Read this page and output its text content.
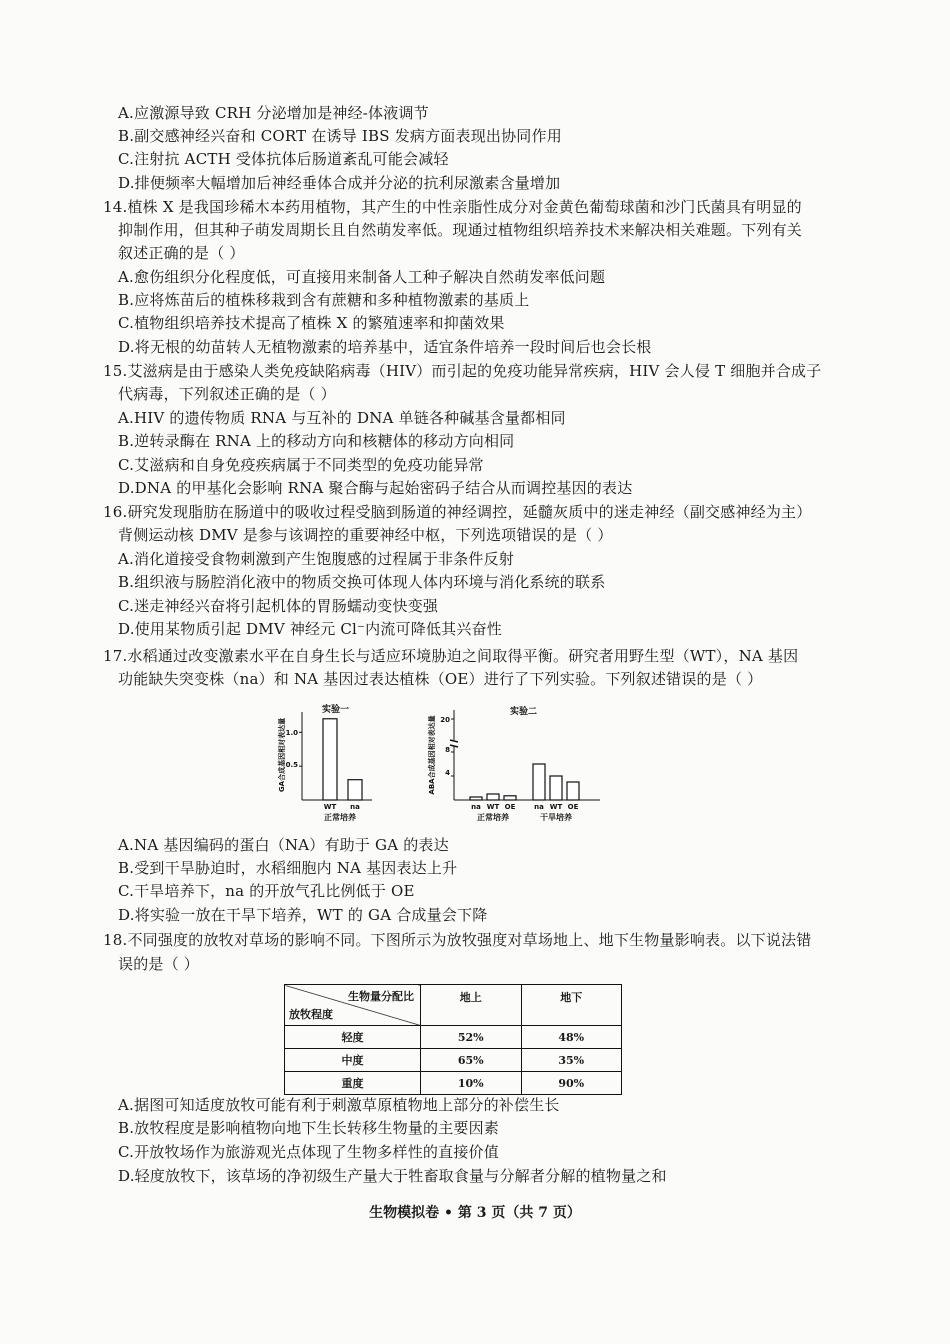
A.应激源导致 CRH 分泌增加是神经-体液调节
B.副交感神经兴奋和 CORT 在诱导 IBS 发病方面表现出协同作用
C.注射抗 ACTH 受体抗体后肠道紊乱可能会减轻
D.排便频率大幅增加后神经垂体合成并分泌的抗利尿激素含量增加
14.植株 X 是我国珍稀木本药用植物，其产生的中性亲脂性成分对金黄色葡萄球菌和沙门氏菌具有明显的
抑制作用，但其种子萌发周期长且自然萌发率低。现通过植物组织培养技术来解决相关难题。下列有关
叙述正确的是（ ）
A.愈伤组织分化程度低，可直接用来制备人工种子解决自然萌发率低问题
B.应将炼苗后的植株移栽到含有蔗糖和多种植物激素的基质上
C.植物组织培养技术提高了植株 X 的繁殖速率和抑菌效果
D.将无根的幼苗转人无植物激素的培养基中，适宜条件培养一段时间后也会长根
15.艾滋病是由于感染人类免疫缺陷病毒（HIV）而引起的免疫功能异常疾病，HIV 会人侵 T 细胞并合成子
代病毒，下列叙述正确的是（ ）
A.HIV 的遗传物质 RNA 与互补的 DNA 单链各种碱基含量都相同
B.逆转录酶在 RNA 上的移动方向和核糖体的移动方向相同
C.艾滋病和自身免疫疾病属于不同类型的免疫功能异常
D.DNA 的甲基化会影响 RNA 聚合酶与起始密码子结合从而调控基因的表达
16.研究发现脂肪在肠道中的吸收过程受脑到肠道的神经调控，延髓灰质中的迷走神经（副交感神经为主）
背侧运动核 DMV 是参与该调控的重要神经中枢，下列选项错误的是（ ）
A.消化道接受食物刺激到产生饱腹感的过程属于非条件反射
B.组织液与肠腔消化液中的物质交换可体现人体内环境与消化系统的联系
C.迷走神经兴奋将引起机体的胃肠蠕动变快变强
D.使用某物质引起 DMV 神经元 Cl⁻内流可降低其兴奋性
17.水稻通过改变激素水平在自身生长与适应环境胁迫之间取得平衡。研究者用野生型（WT），NA 基因
功能缺失突变株（na）和 NA 基因过表达植株（OE）进行了下列实验。下列叙述错误的是（ ）
实验一
GA合成基因相对表达量 1.0
0.5
WT na
正常培养
实验二
ABA合成基因相对表达量 20
8
4
na WT OE	na WT OE
正常培养	干旱培养
A.NA 基因编码的蛋白（NA）有助于 GA 的表达
B.受到干旱胁迫时，水稻细胞内 NA 基因表达上升
C.干旱培养下，na 的开放气孔比例低于 OE
D.将实验一放在干旱下培养，WT 的 GA 合成量会下降
18.不同强度的放牧对草场的影响不同。下图所示为放牧强度对草场地上、地下生物量影响表。以下说法错
误的是（ ）
生物量分配比
放牧程度	地上	地下
轻度	52%	48%
中度	65%	35%
重度	10%	90%
A.据图可知适度放牧可能有利于刺激草原植物地上部分的补偿生长
B.放牧程度是影响植物向地下生长转移生物量的主要因素
C.开放牧场作为旅游观光点体现了生物多样性的直接价值
D.轻度放牧下，该草场的净初级生产量大于牲畜取食量与分解者分解的植物量之和
生物模拟卷 • 第 3 页（共 7 页）
